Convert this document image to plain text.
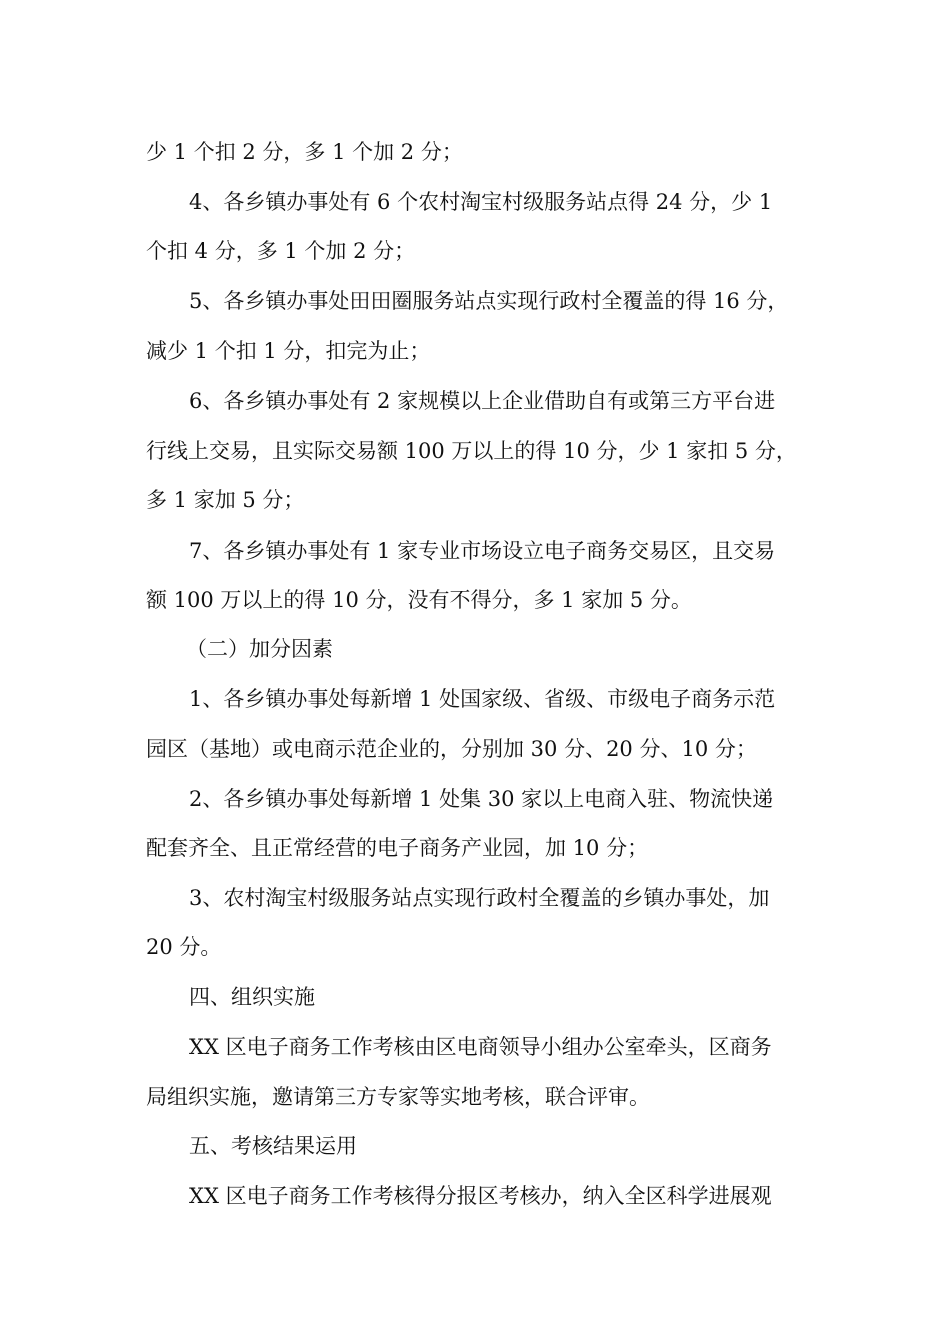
少 1 个扣 2 分，多 1 个加 2 分；
4、各乡镇办事处有 6 个农村淘宝村级服务站点得 24 分，少 1
个扣 4 分，多 1 个加 2 分；
5、各乡镇办事处田田圈服务站点实现行政村全覆盖的得 16 分，
减少 1 个扣 1 分，扣完为止；
6、各乡镇办事处有 2 家规模以上企业借助自有或第三方平台进
行线上交易，且实际交易额 100 万以上的得 10 分，少 1 家扣 5 分，
多 1 家加 5 分；
7、各乡镇办事处有 1 家专业市场设立电子商务交易区，且交易
额 100 万以上的得 10 分，没有不得分，多 1 家加 5 分。
（二）加分因素
1、各乡镇办事处每新增 1 处国家级、省级、市级电子商务示范
园区（基地）或电商示范企业的，分别加 30 分、20 分、10 分；
2、各乡镇办事处每新增 1 处集 30 家以上电商入驻、物流快递
配套齐全、且正常经营的电子商务产业园，加 10 分；
3、农村淘宝村级服务站点实现行政村全覆盖的乡镇办事处，加
20 分。
四、组织实施
XX 区电子商务工作考核由区电商领导小组办公室牵头，区商务
局组织实施，邀请第三方专家等实地考核，联合评审。
五、考核结果运用
XX 区电子商务工作考核得分报区考核办，纳入全区科学进展观
